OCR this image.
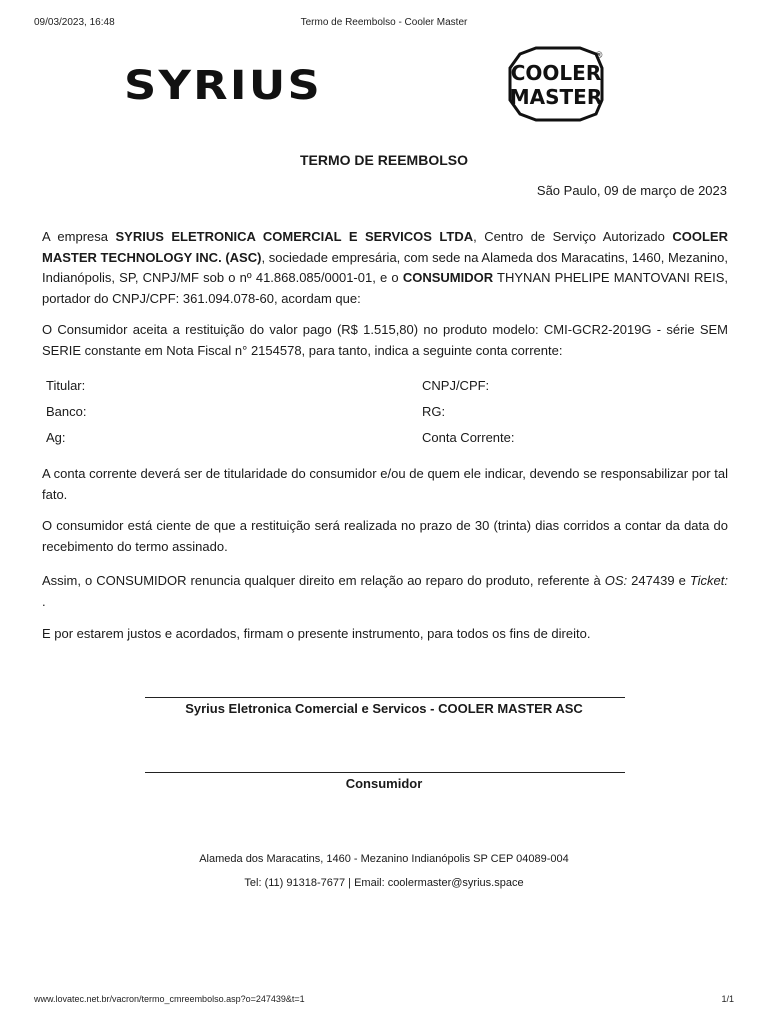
09/03/2023, 16:48	Termo de Reembolso - Cooler Master
SYRIUS	COOLER
MASTER
®
TERMO DE REEMBOLSO
São Paulo, 09 de março de 2023
A empresa SYRIUS ELETRONICA COMERCIAL E SERVICOS LTDA, Centro de Serviço Autorizado COOLER MASTER TECHNOLOGY INC. (ASC), sociedade empresária, com sede na Alameda dos Maracatins, 1460, Mezanino, Indianópolis, SP, CNPJ/MF sob o nº 41.868.085/0001-01, e o CONSUMIDOR THYNAN PHELIPE MANTOVANI REIS, portador do CNPJ/CPF: 361.094.078-60, acordam que:
O Consumidor aceita a restituição do valor pago (R$ 1.515,80) no produto modelo: CMI-GCR2-2019G - série SEM SERIE constante em Nota Fiscal n° 2154578, para tanto, indica a seguinte conta corrente:
Titular:	CNPJ/CPF:
Banco:	RG:
Ag:	Conta Corrente:
A conta corrente deverá ser de titularidade do consumidor e/ou de quem ele indicar, devendo se responsabilizar por tal fato.
O consumidor está ciente de que a restituição será realizada no prazo de 30 (trinta) dias corridos a contar da data do recebimento do termo assinado.
Assim, o CONSUMIDOR renuncia qualquer direito em relação ao reparo do produto, referente à OS: 247439 e Ticket: .
E por estarem justos e acordados, firmam o presente instrumento, para todos os fins de direito.
Syrius Eletronica Comercial e Servicos - COOLER MASTER ASC
Consumidor
Alameda dos Maracatins, 1460 - Mezanino Indianópolis SP CEP 04089-004
Tel: (11) 91318-7677 | Email: coolermaster@syrius.space
www.lovatec.net.br/vacron/termo_cmreembolso.asp?o=247439&t=1	1/1
